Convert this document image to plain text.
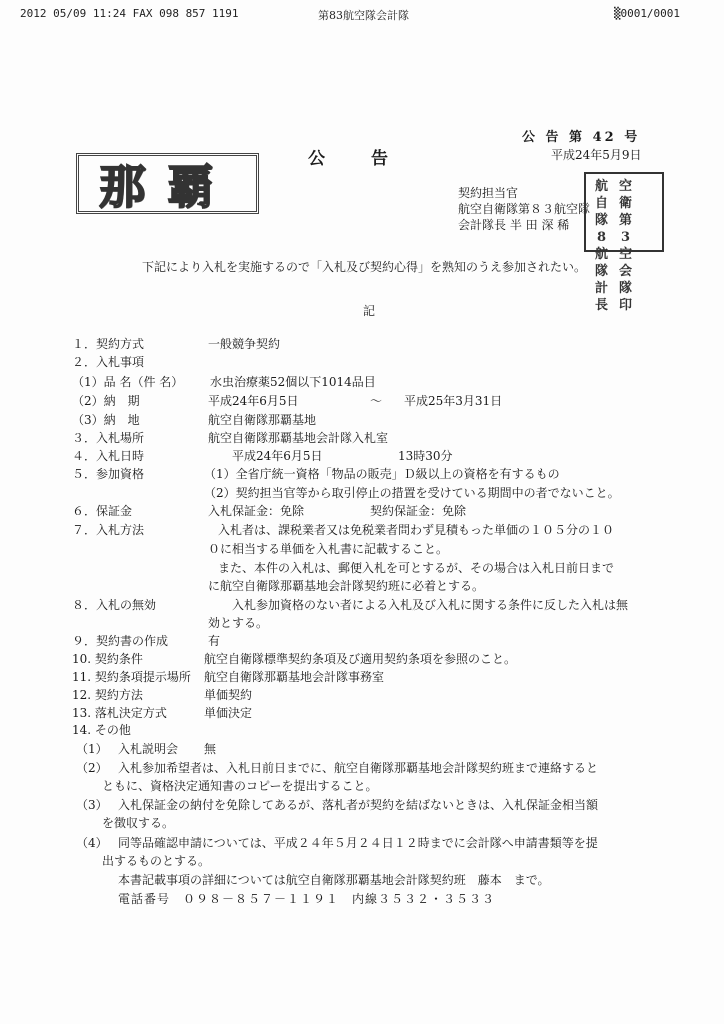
2012 05/09 11:24 FAX 098 857 1191	第83航空隊会計隊	␩0001/0001
公 告 第 42 号
公告	平成24年5月9日
那覇	契約担当官
航空自衛隊第８３航空隊
会計隊長 半 田 深 稀
航 空
自 衛
隊 第
8	3
航 空
隊 会
計 隊
長 印
下記により入札を実施するので「入札及び契約心得」を熟知のうえ参加されたい。
記
１．契約方式	一般競争契約
２．入札事項
（1）品 名（件 名） 水虫治療薬52個以下1014品目
（2）納　期	平成24年6月5日	～ 平成25年3月31日
（3）納　地	航空自衛隊那覇基地
３．入札場所	航空自衛隊那覇基地会計隊入札室
４．入札日時	平成24年6月5日	13時30分
５．参加資格	（1）全省庁統一資格「物品の販売」Ｄ級以上の資格を有するもの
（2）契約担当官等から取引停止の措置を受けている期間中の者でないこと。
６．保証金	入札保証金：免除	契約保証金：免除
７．入札方法	入札者は、課税業者又は免税業者問わず見積もった単価の１０５分の１０
０に相当する単価を入札書に記載すること。
また、本件の入札は、郵便入札を可とするが、その場合は入札日前日まで
に航空自衛隊那覇基地会計隊契約班に必着とする。
８．入札の無効	入札参加資格のない者による入札及び入札に関する条件に反した入札は無
効とする。
９．契約書の作成	有
10. 契約条件	航空自衛隊標準契約条項及び適用契約条項を参照のこと。
11. 契約条項提示場所 航空自衛隊那覇基地会計隊事務室
12. 契約方法	単価契約
13. 落札決定方式	単価決定
14. その他
（1） 入札説明会 無
（2） 入札参加希望者は、入札日前日までに、航空自衛隊那覇基地会計隊契約班まで連絡すると
ともに、資格決定通知書のコピーを提出すること。
（3） 入札保証金の納付を免除してあるが、落札者が契約を結ばないときは、入札保証金相当額
を徴収する。
（4） 同等品確認申請については、平成２４年５月２４日１２時までに会計隊へ申請書類等を提
出するものとする。
本書記載事項の詳細については航空自衛隊那覇基地会計隊契約班　藤本　まで。
電話番号　０９８－８５７－１１９１　内線３５３２・３５３３
